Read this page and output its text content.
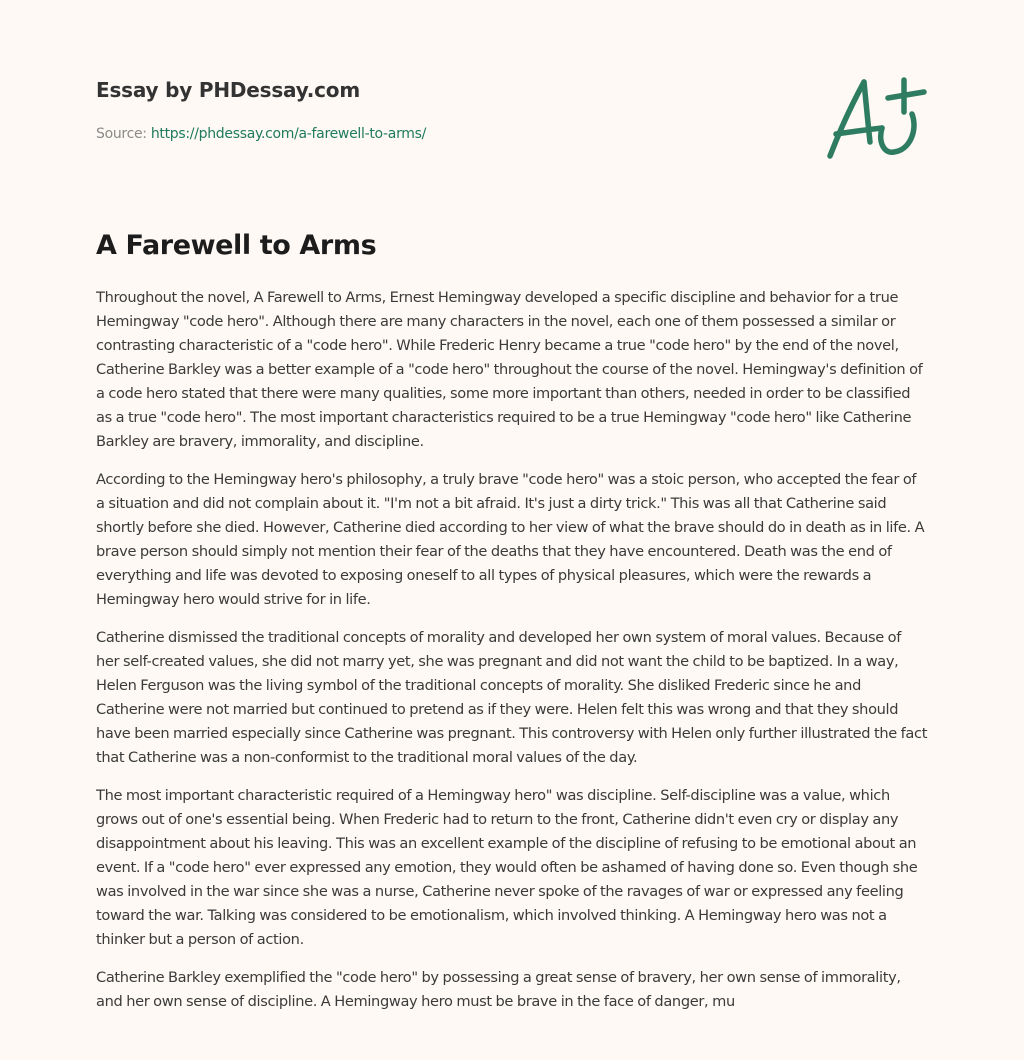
Essay by PHDessay.com
Source: https://phdessay.com/a-farewell-to-arms/
A Farewell to Arms

Throughout the novel, A Farewell to Arms, Ernest Hemingway developed a specific discipline and behavior for a true Hemingway "code hero". Although there are many characters in the novel, each one of them possessed a similar or contrasting characteristic of a "code hero". While Frederic Henry became a true "code hero" by the end of the novel, Catherine Barkley was a better example of a "code hero" throughout the course of the novel. Hemingway's definition of a code hero stated that there were many qualities, some more important than others, needed in order to be classified as a true "code hero". The most important characteristics required to be a true Hemingway "code hero" like Catherine Barkley are bravery, immorality, and discipline.

According to the Hemingway hero's philosophy, a truly brave "code hero" was a stoic person, who accepted the fear of a situation and did not complain about it. "I'm not a bit afraid. It's just a dirty trick." This was all that Catherine said shortly before she died. However, Catherine died according to her view of what the brave should do in death as in life. A brave person should simply not mention their fear of the deaths that they have encountered. Death was the end of everything and life was devoted to exposing oneself to all types of physical pleasures, which were the rewards a Hemingway hero would strive for in life.

Catherine dismissed the traditional concepts of morality and developed her own system of moral values. Because of her self-created values, she did not marry yet, she was pregnant and did not want the child to be baptized. In a way, Helen Ferguson was the living symbol of the traditional concepts of morality. She disliked Frederic since he and Catherine were not married but continued to pretend as if they were. Helen felt this was wrong and that they should have been married especially since Catherine was pregnant. This controversy with Helen only further illustrated the fact that Catherine was a non-conformist to the traditional moral values of the day.

The most important characteristic required of a Hemingway hero" was discipline. Self-discipline was a value, which grows out of one's essential being. When Frederic had to return to the front, Catherine didn't even cry or display any disappointment about his leaving. This was an excellent example of the discipline of refusing to be emotional about an event. If a "code hero" ever expressed any emotion, they would often be ashamed of having done so. Even though she was involved in the war since she was a nurse, Catherine never spoke of the ravages of war or expressed any feeling toward the war. Talking was considered to be emotionalism, which involved thinking. A Hemingway hero was not a thinker but a person of action.

Catherine Barkley exemplified the "code hero" by possessing a great sense of bravery, her own sense of immorality, and her own sense of discipline. A Hemingway hero must be brave in the face of danger, mu
